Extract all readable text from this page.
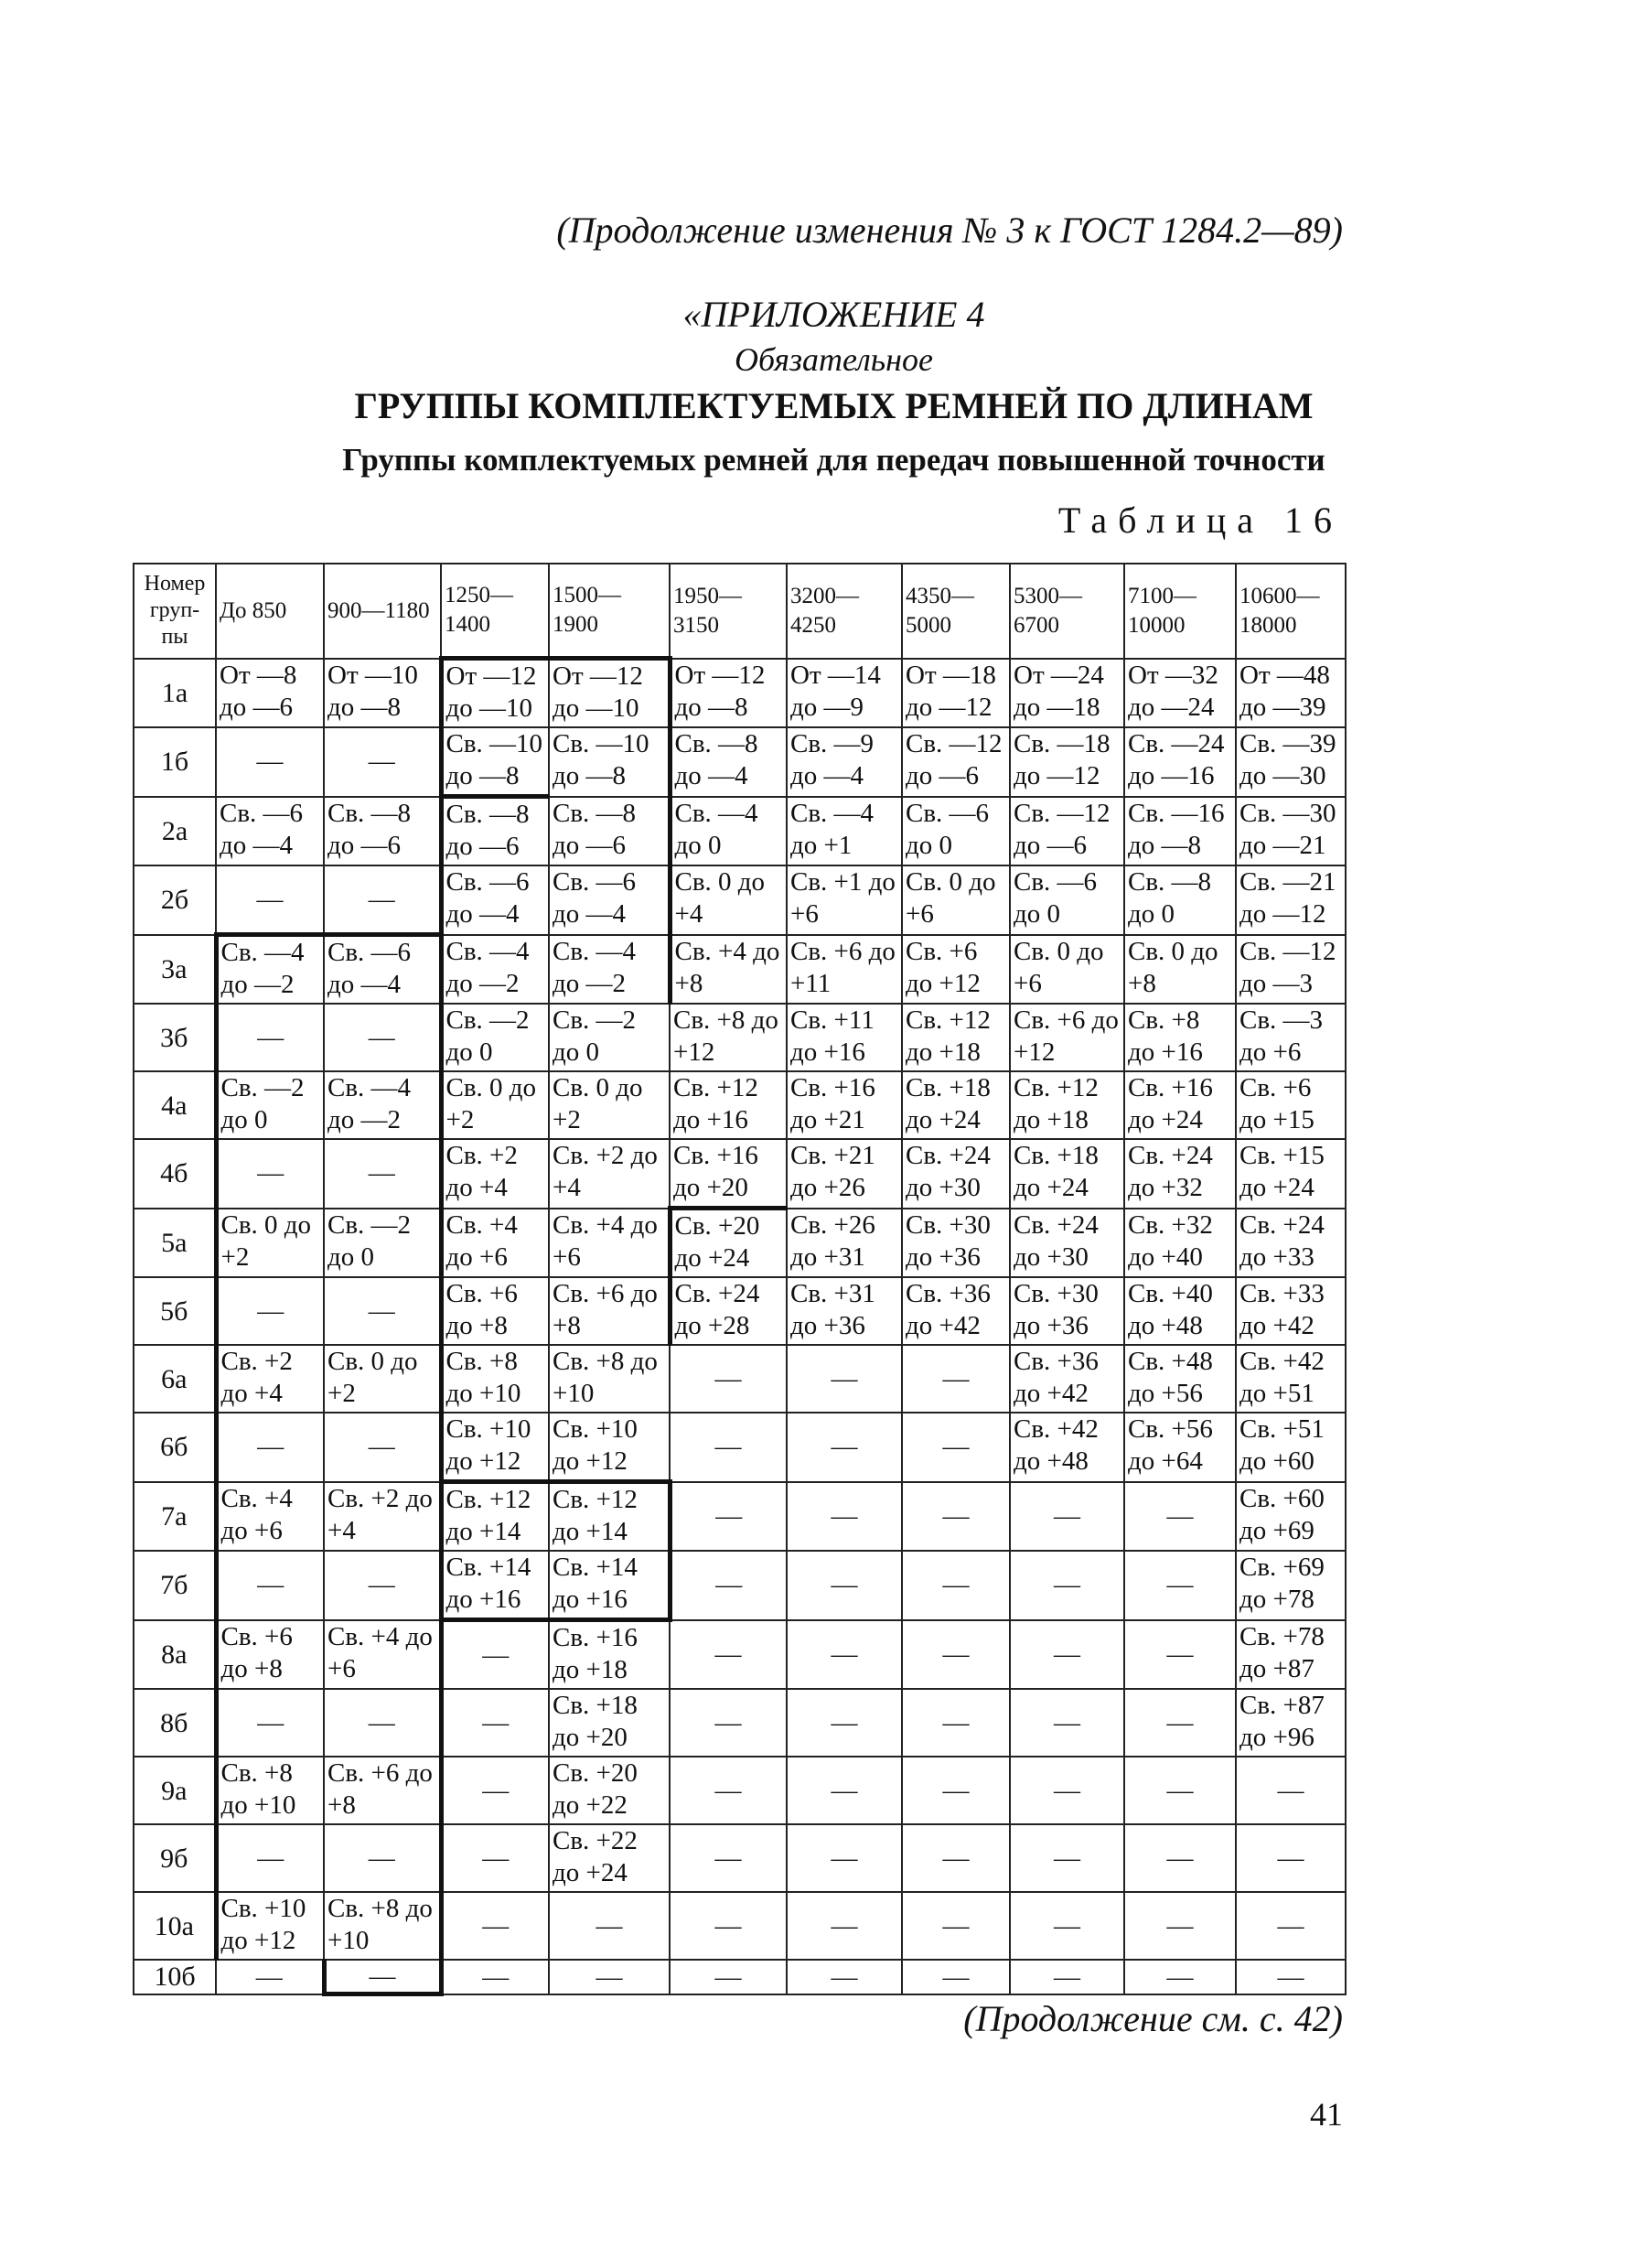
(Продолжение изменения № 3 к ГОСТ 1284.2—89)
«ПРИЛОЖЕНИЕ 4
Обязательное
ГРУППЫ КОМПЛЕКТУЕМЫХ РЕМНЕЙ ПО ДЛИНАМ
Группы комплектуемых ремней для передач повышенной точности
Таблица 16
Номер груп-пы	До 850	900—1180	1250—1400	1500—1900	1950—3150	3200—4250	4350—5000	5300—6700	7100—10000	10600—18000
1а	От —8 до —6	От —10 до —8	От —12 до —10	От —12 до —10	От —12 до —8	От —14 до —9	От —18 до —12	От —24 до —18	От —32 до —24	От —48 до —39
1б	—	—	Св. —10 до —8	Св. —10 до —8	Св. —8 до —4	Св. —9 до —4	Св. —12 до —6	Св. —18 до —12	Св. —24 до —16	Св. —39 до —30
2а	Св. —6 до —4	Св. —8 до —6	Св. —8 до —6	Св. —8 до —6	Св. —4 до 0	Св. —4 до +1	Св. —6 до 0	Св. —12 до —6	Св. —16 до —8	Св. —30 до —21
2б	—	—	Св. —6 до —4	Св. —6 до —4	Св. 0 до +4	Св. +1 до +6	Св. 0 до +6	Св. —6 до 0	Св. —8 до 0	Св. —21 до —12
3а	Св. —4 до —2	Св. —6 до —4	Св. —4 до —2	Св. —4 до —2	Св. +4 до +8	Св. +6 до +11	Св. +6 до +12	Св. 0 до +6	Св. 0 до +8	Св. —12 до —3
3б	—	—	Св. —2 до 0	Св. —2 до 0	Св. +8 до +12	Св. +11 до +16	Св. +12 до +18	Св. +6 до +12	Св. +8 до +16	Св. —3 до +6
4а	Св. —2 до 0	Св. —4 до —2	Св. 0 до +2	Св. 0 до +2	Св. +12 до +16	Св. +16 до +21	Св. +18 до +24	Св. +12 до +18	Св. +16 до +24	Св. +6 до +15
4б	—	—	Св. +2 до +4	Св. +2 до +4	Св. +16 до +20	Св. +21 до +26	Св. +24 до +30	Св. +18 до +24	Св. +24 до +32	Св. +15 до +24
5а	Св. 0 до +2	Св. —2 до 0	Св. +4 до +6	Св. +4 до +6	Св. +20 до +24	Св. +26 до +31	Св. +30 до +36	Св. +24 до +30	Св. +32 до +40	Св. +24 до +33
5б	—	—	Св. +6 до +8	Св. +6 до +8	Св. +24 до +28	Св. +31 до +36	Св. +36 до +42	Св. +30 до +36	Св. +40 до +48	Св. +33 до +42
6а	Св. +2 до +4	Св. 0 до +2	Св. +8 до +10	Св. +8 до +10	—	—	—	Св. +36 до +42	Св. +48 до +56	Св. +42 до +51
6б	—	—	Св. +10 до +12	Св. +10 до +12	—	—	—	Св. +42 до +48	Св. +56 до +64	Св. +51 до +60
7а	Св. +4 до +6	Св. +2 до +4	Св. +12 до +14	Св. +12 до +14	—	—	—	—	—	Св. +60 до +69
7б	—	—	Св. +14 до +16	Св. +14 до +16	—	—	—	—	—	Св. +69 до +78
8а	Св. +6 до +8	Св. +4 до +6	—	Св. +16 до +18	—	—	—	—	—	Св. +78 до +87
8б	—	—	—	Св. +18 до +20	—	—	—	—	—	Св. +87 до +96
9а	Св. +8 до +10	Св. +6 до +8	—	Св. +20 до +22	—	—	—	—	—	—
9б	—	—	—	Св. +22 до +24	—	—	—	—	—	—
10а	Св. +10 до +12	Св. +8 до +10	—	—	—	—	—	—	—	—
10б	—	—	—	—	—	—	—	—	—	—
(Продолжение см. с. 42)
41
